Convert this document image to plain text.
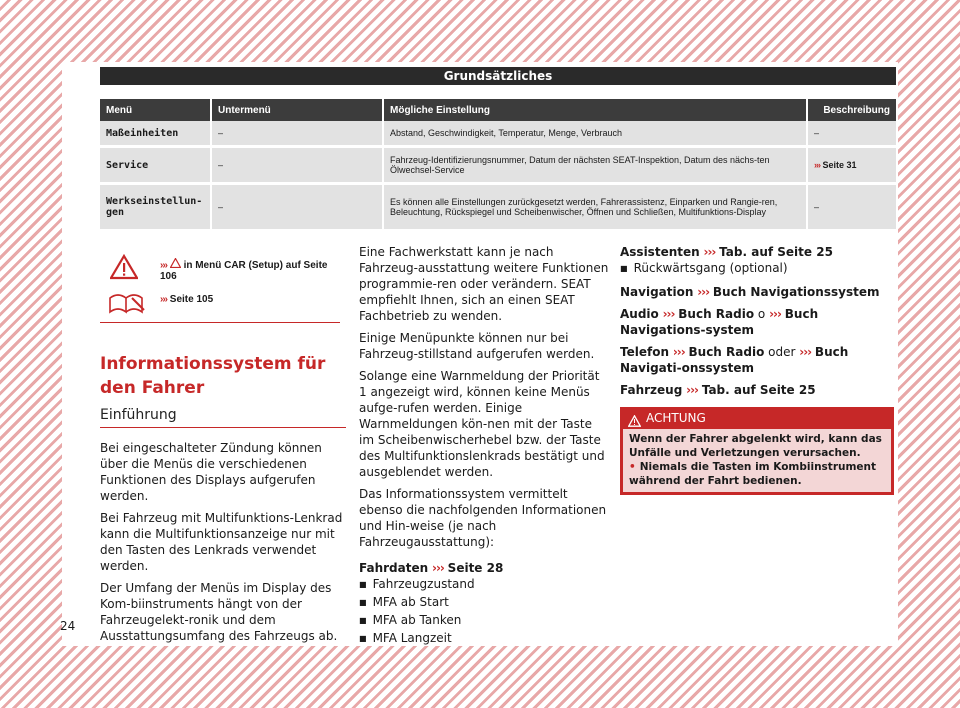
Grundsätzliches
Menü	Untermenü	Mögliche Einstellung	Beschreibung
Maßeinheiten	–	Abstand, Geschwindigkeit, Temperatur, Menge, Verbrauch	–
Service	–	Fahrzeug-Identifizierungsnummer, Datum der nächsten SEAT-Inspektion, Datum des nächs-ten Ölwechsel-Service	››› Seite 31
Werkseinstellun-gen	–	Es können alle Einstellungen zurückgesetzt werden, Fahrerassistenz, Einparken und Rangie-ren, Beleuchtung, Rückspiegel und Scheibenwischer, Öffnen und Schließen, Multifunktions-Display	–
››› in Menü CAR (Setup) auf Seite 106
››› Seite 105
Informationssystem für den Fahrer
Einführung

Bei eingeschalteter Zündung können über die Menüs die verschiedenen Funktionen des Displays aufgerufen werden.

Bei Fahrzeug mit Multifunktions-Lenkrad kann die Multifunktionsanzeige nur mit den Tasten des Lenkrads verwendet werden.

Der Umfang der Menüs im Display des Kom-biinstruments hängt von der Fahrzeugelekt-ronik und dem Ausstattungsumfang des Fahrzeugs ab.

Eine Fachwerkstatt kann je nach Fahrzeug-ausstattung weitere Funktionen programmie-ren oder verändern. SEAT empfiehlt Ihnen, sich an einen SEAT Fachbetrieb zu wenden.

Einige Menüpunkte können nur bei Fahrzeug-stillstand aufgerufen werden.

Solange eine Warnmeldung der Priorität 1 angezeigt wird, können keine Menüs aufge-rufen werden. Einige Warnmeldungen kön-nen mit der Taste im Scheibenwischerhebel bzw. der Taste des Multifunktionslenkrads bestätigt und ausgeblendet werden.

Das Informationssystem vermittelt ebenso die nachfolgenden Informationen und Hin-weise (je nach Fahrzeugausstattung):

Fahrdaten ››› Seite 28
■ Fahrzeugzustand
■ MFA ab Start
■ MFA ab Tanken
■ MFA Langzeit
Assistenten ››› Tab. auf Seite 25
■ Rückwärtsgang (optional)

Navigation ››› Buch Navigationssystem

Audio ››› Buch Radio o ››› Buch Navigations-system

Telefon ››› Buch Radio oder ››› Buch Navigati-onssystem

Fahrzeug ››› Tab. auf Seite 25

ACHTUNG
Wenn der Fahrer abgelenkt wird, kann das Unfälle und Verletzungen verursachen.
• Niemals die Tasten im Kombiinstrument während der Fahrt bedienen.
24
